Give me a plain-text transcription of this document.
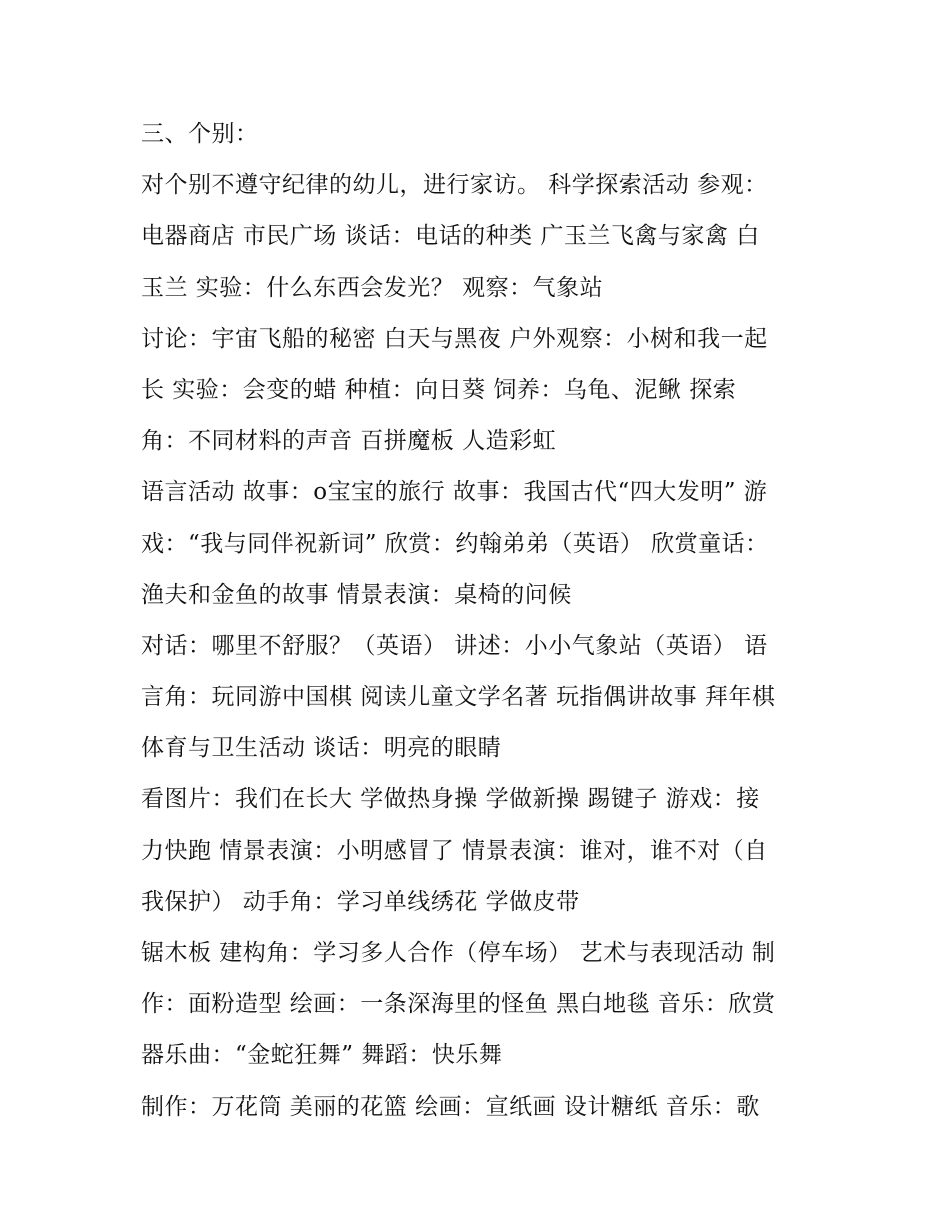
三、个别：
对个别不遵守纪律的幼儿，进行家访。 科学探索活动 参观：
电器商店 市民广场 谈话：电话的种类 广玉兰飞禽与家禽 白
玉兰 实验：什么东西会发光？ 观察：气象站
讨论：宇宙飞船的秘密 白天与黑夜 户外观察：小树和我一起
长 实验：会变的蜡 种植：向日葵 饲养：乌龟、泥鳅 探索
角：不同材料的声音 百拼魔板 人造彩虹
语言活动 故事：o宝宝的旅行 故事：我国古代“四大发明” 游
戏：“我与同伴祝新词” 欣赏：约翰弟弟（英语） 欣赏童话：
渔夫和金鱼的故事 情景表演：桌椅的问候
对话：哪里不舒服？（英语） 讲述：小小气象站（英语） 语
言角：玩同游中国棋 阅读儿童文学名著 玩指偶讲故事 拜年棋
体育与卫生活动 谈话：明亮的眼睛
看图片：我们在长大 学做热身操 学做新操 踢键子 游戏：接
力快跑 情景表演：小明感冒了 情景表演：谁对，谁不对（自
我保护） 动手角：学习单线绣花 学做皮带
锯木板 建构角：学习多人合作（停车场） 艺术与表现活动 制
作：面粉造型 绘画：一条深海里的怪鱼 黑白地毯 音乐：欣赏
器乐曲：“金蛇狂舞” 舞蹈：快乐舞
制作：万花筒 美丽的花篮 绘画：宣纸画 设计糖纸 音乐：歌
